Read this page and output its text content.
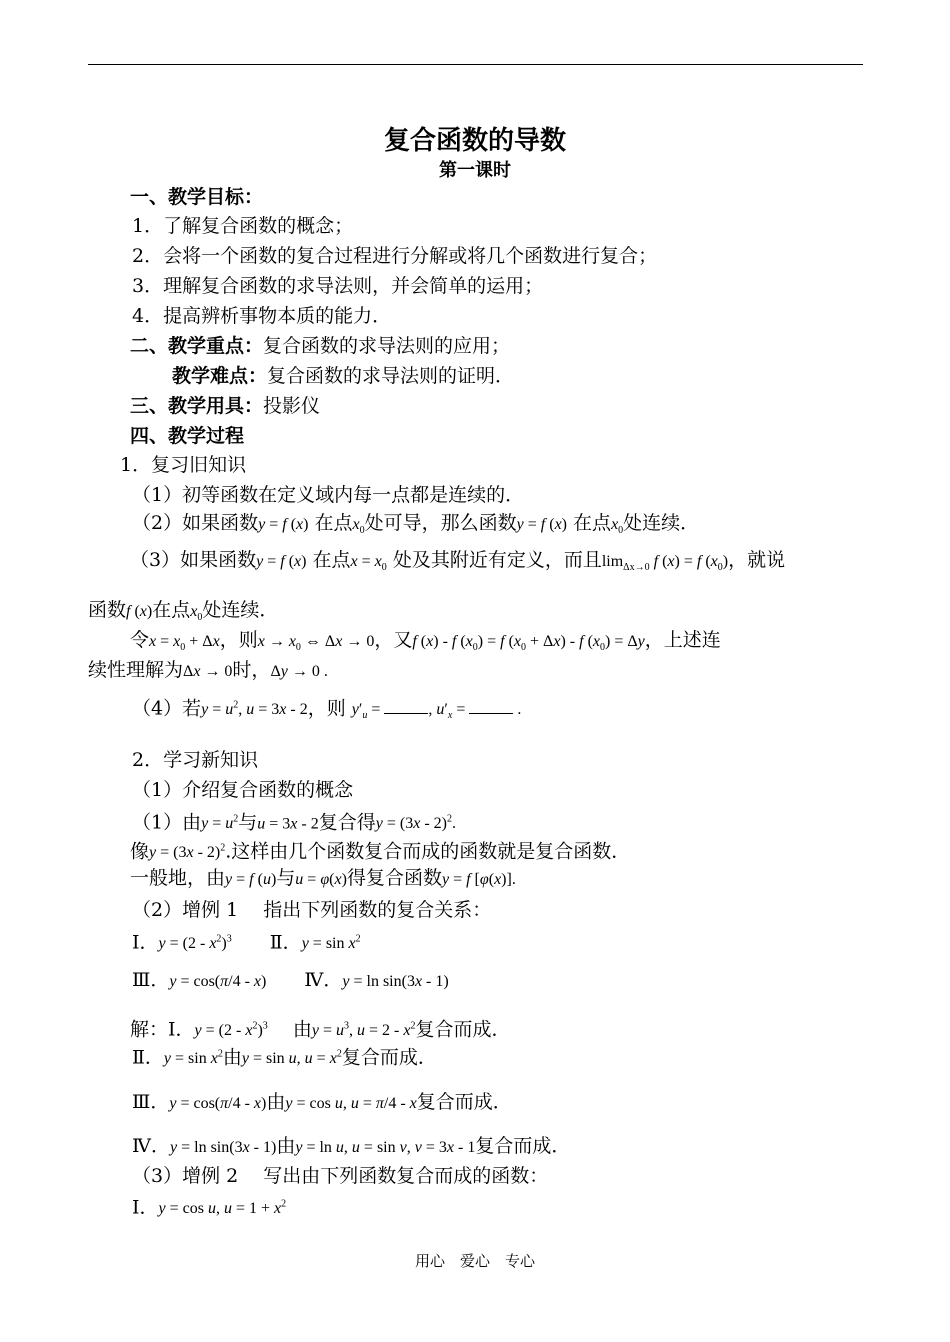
复合函数的导数
第一课时
一、教学目标：
1．了解复合函数的概念；
2．会将一个函数的复合过程进行分解或将几个函数进行复合；
3．理解复合函数的求导法则，并会简单的运用；
4．提高辨析事物本质的能力．
二、教学重点：复合函数的求导法则的应用；
教学难点：复合函数的求导法则的证明．
三、教学用具：投影仪
四、教学过程
1．复习旧知识
（1）初等函数在定义域内每一点都是连续的．
（2）如果函数y = f (x) 在点$x_0$处可导，那么函数y = f (x) 在点$x_0$处连续．
（3）如果函数y = f (x) 在点$x = x_0$ 处及其附近有定义，而且$\lim_{\Delta x\to 0} f$ (x) = f $(x_0)$，就说
函数f (x)在点$x_0$处连续．
令$x = x_0 + \Delta x$，则$x \to x_0$ ⇔ Δx → 0，又f (x) - f $(x_0) = f$ $(x_0 + \Delta x) - f$ $(x_0) = \Delta y$，上述连
续性理解为Δx → 0时，Δy → 0 .
（4）若$y = u^2$, u = 3x - 2，则 $y'_u$ =	, $u'_x$ =	.
2．学习新知识
（1）介绍复合函数的概念
（1）由$y = u^2$与u = 3x - 2复合得y = (3x - 2)$^2$.
像y = (3x - 2)$^2$.这样由几个函数复合而成的函数就是复合函数．
一般地，由y = f (u)与u = φ(x)得复合函数y = f [φ(x)].
（2）增例 1　 指出下列函数的复合关系：
Ⅰ．$y = (2 - x^2)^3$　　 Ⅱ．$y = \sin x^2$
Ⅲ．y = cos(π/4 - x)　　 Ⅳ．y = ln sin(3x - 1)
解：Ⅰ．$y = (2 - x^2)^3$　 由$y = u^3$, $u = 2 - x^2$复合而成．
Ⅱ．$y = \sin x^2$由y = sin u, $u = x^2$复合而成．
Ⅲ．y = cos(π/4 - x)由y = cos u, u = π/4 - x复合而成．
Ⅳ．y = ln sin(3x - 1)由y = ln u, u = sin v, v = 3x - 1复合而成．
（3）增例 2　 写出由下列函数复合而成的函数：
Ⅰ．y = cos u, $u = 1 + x^2$
用心　爱心　专心
